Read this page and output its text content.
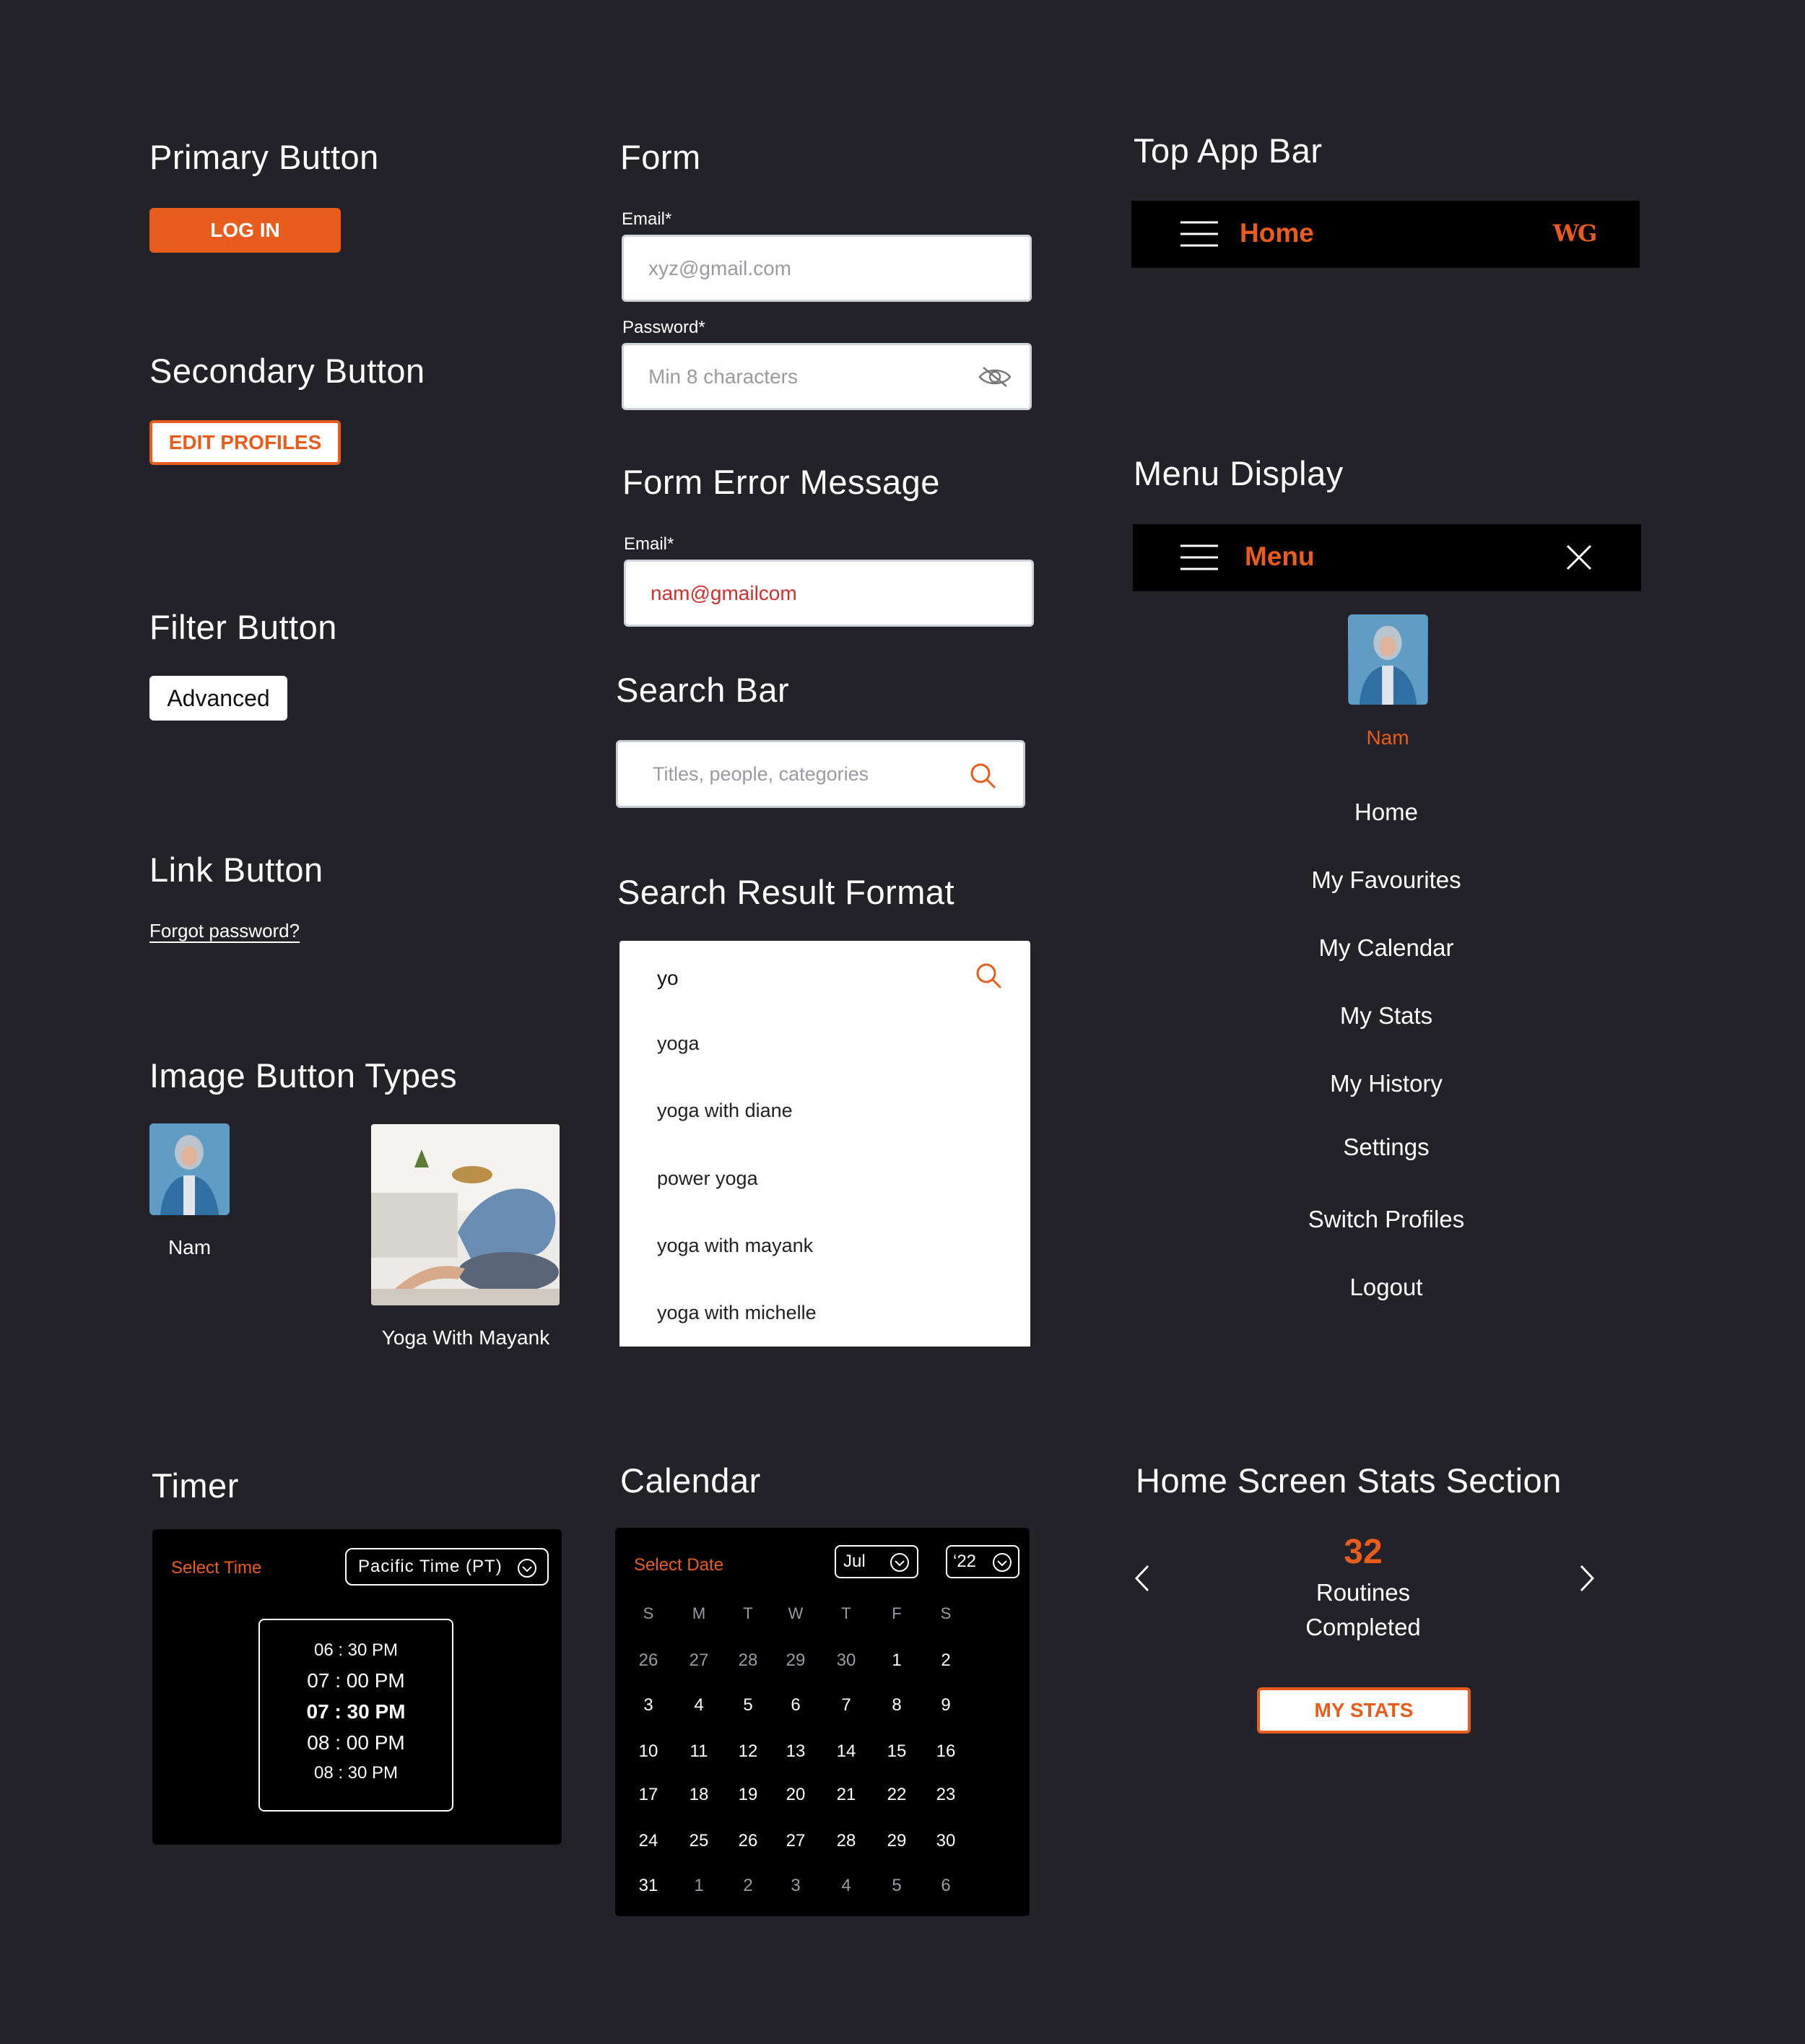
Primary Button
LOG IN
Secondary Button
EDIT PROFILES
Filter Button
Advanced
Link Button
Forgot password?
Image Button Types
Nam
Yoga With Mayank
Timer
Select Time	Pacific Time (PT)
06 : 30 PM
07 : 00 PM
07 : 30 PM
08 : 00 PM
08 : 30 PM
Form
Email*
xyz@gmail.com
Password*
Min 8 characters
Form Error Message
Email*
nam@gmailcom
Search Bar
Titles, people, categories
Search Result Format
yo
yoga
yoga with diane
power yoga
yoga with mayank
yoga with michelle
Calendar
Select Date	Jul	‘22
S	M	T	W	T	F	S
26	27	28	29	30	1	2
3	4	5	6	7	8	9
10	11	12	13	14	15	16
17	18	19	20	21	22	23
24	25	26	27	28	29	30
31	1	2	3	4	5	6
Top App Bar
Home	WG
Menu Display
Menu
Nam
Home
My Favourites
My Calendar
My Stats
My History
Settings
Switch Profiles
Logout
Home Screen Stats Section
32
Routines
Completed
MY STATS
